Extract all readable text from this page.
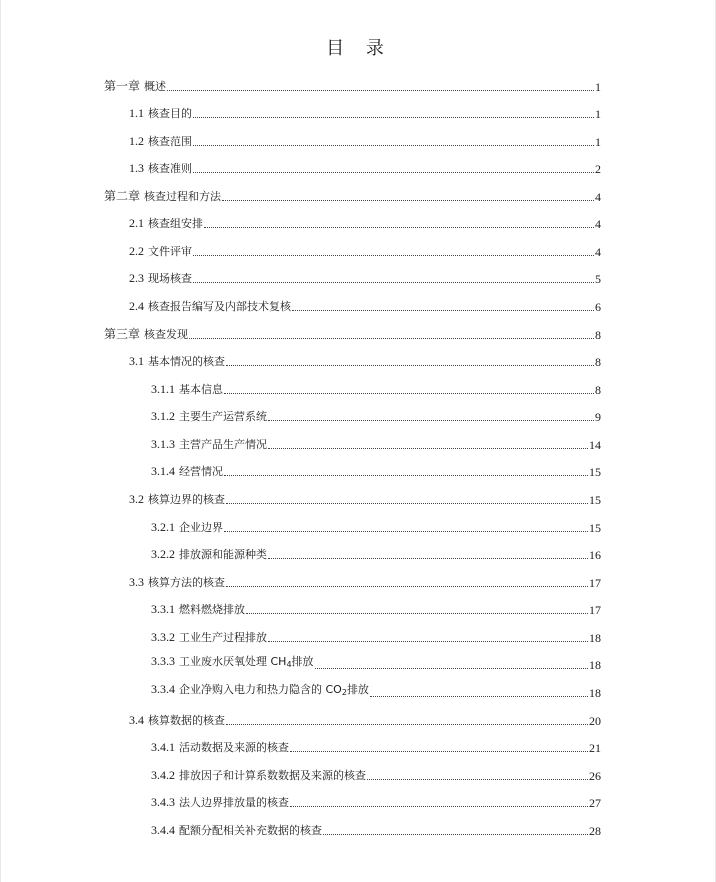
目 录
第一章 概述	1
1.1 核查目的	1
1.2 核查范围	1
1.3 核查准则	2
第二章 核查过程和方法	4
2.1 核查组安排	4
2.2 文件评审	4
2.3 现场核查	5
2.4 核查报告编写及内部技术复核	6
第三章 核查发现	8
3.1 基本情况的核查	8
3.1.1 基本信息	8
3.1.2 主要生产运营系统	9
3.1.3 主营产品生产情况	14
3.1.4 经营情况	15
3.2 核算边界的核查	15
3.2.1 企业边界	15
3.2.2 排放源和能源种类	16
3.3 核算方法的核查	17
3.3.1 燃料燃烧排放	17
3.3.2 工业生产过程排放	18
3.3.3 工业废水厌氧处理 $CH_4$排放	18
3.3.4 企业净购入电力和热力隐含的 $CO_2$排放	18
3.4 核算数据的核查	20
3.4.1 活动数据及来源的核查	21
3.4.2 排放因子和计算系数数据及来源的核查	26
3.4.3 法人边界排放量的核查	27
3.4.4 配额分配相关补充数据的核查	28
